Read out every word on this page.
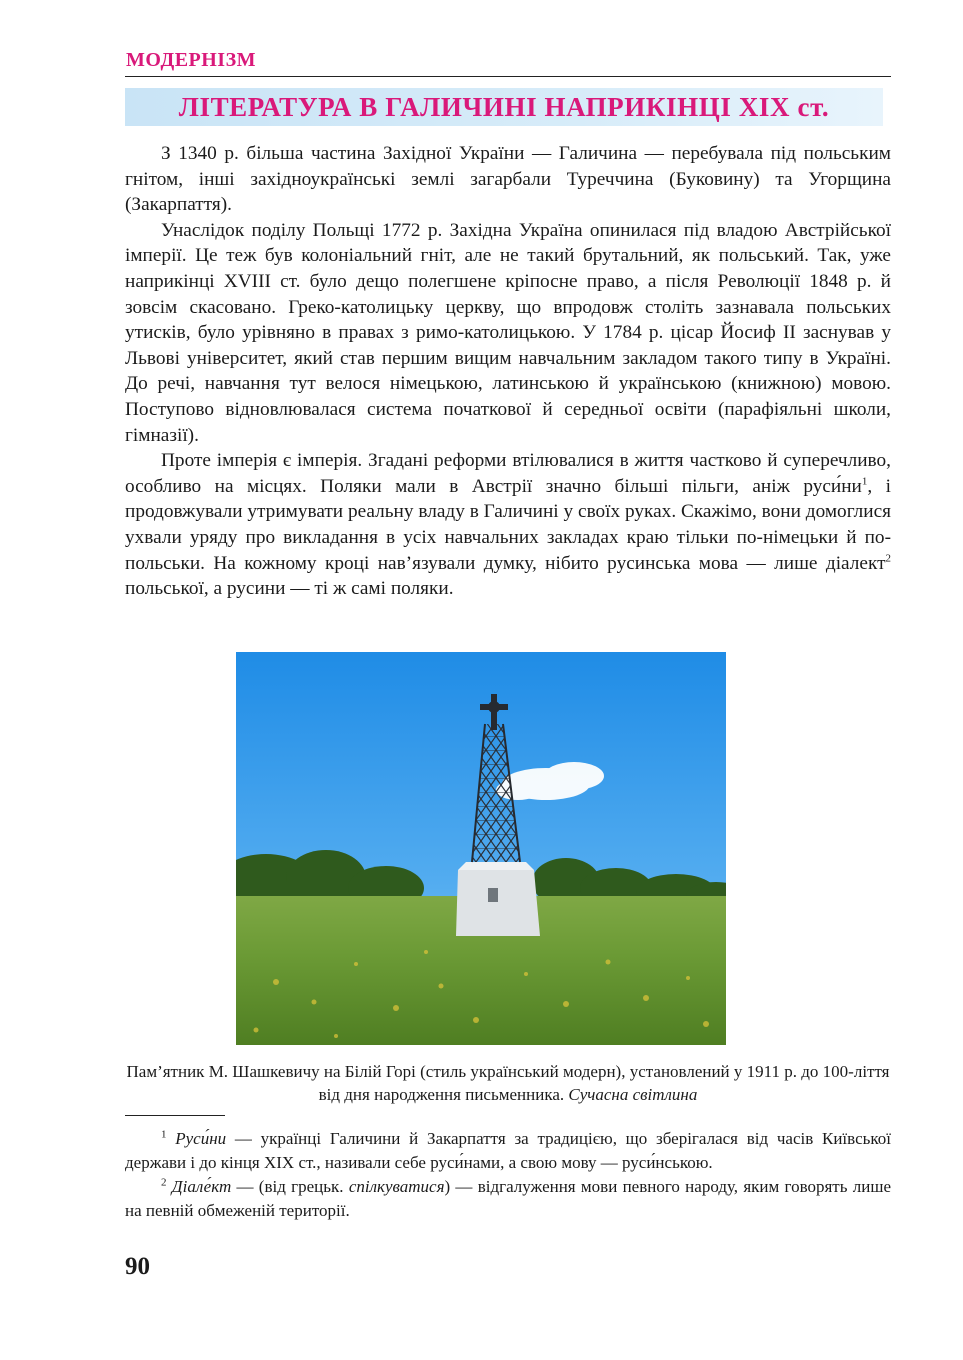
МОДЕРНІЗМ
ЛІТЕРАТУРА В ГАЛИЧИНІ НАПРИКІНЦІ XIX ст.

З 1340 р. більша частина Західної України — Галичина — перебувала під польським гнітом, інші західноукраїнські землі загарбали Туреччина (Буковину) та Угорщина (Закарпаття).

Унаслідок поділу Польщі 1772 р. Західна Україна опинилася під владою Австрійської імперії. Це теж був колоніальний гніт, але не такий брутальний, як польський. Так, уже наприкінці XVIII ст. було дещо полегшене кріпосне право, а після Революції 1848 р. й зовсім скасовано. Греко-католицьку церкву, що впродовж століть зазнавала польських утисків, було урівняно в правах з римо-католицькою. У 1784 р. цісар Йосиф ІІ заснував у Львові університет, який став першим вищим навчальним закладом такого типу в Україні. До речі, навчання тут велося німецькою, латинською й українською (книжною) мовою. Поступово відновлювалася система початкової й середньої освіти (парафіяльні школи, гімназії).

Проте імперія є імперія. Згадані реформи втілювалися в життя частково й суперечливо, особливо на місцях. Поляки мали в Австрії значно більші пільги, аніж $руси́ни^1$, і продовжували утримувати реальну владу в Галичині у своїх руках. Скажімо, вони домоглися ухвали уряду про викладання в усіх навчальних закладах краю тільки по-німецьки й по-польськи. На кожному кроці нав’язували думку, нібито русинська мова — лише діалект$^2$ польської, а русини — ті ж самі поляки.

Пам’ятник М. Шашкевичу на Білій Горі (стиль український модерн), установлений у 1911 р. до 100-ліття від дня народження письменника. Сучасна світлина

$^1$ Руси́ни — українці Галичини й Закарпаття за традицією, що зберігалася від часів Київської держави і до кінця XIX ст., називали себе руси́нами, а свою мову — руси́нською.

$^2$ Діале́кт — (від грецьк. спілкуватися) — відгалуження мови певного народу, яким говорять лише на певній обмеженій території.

90
